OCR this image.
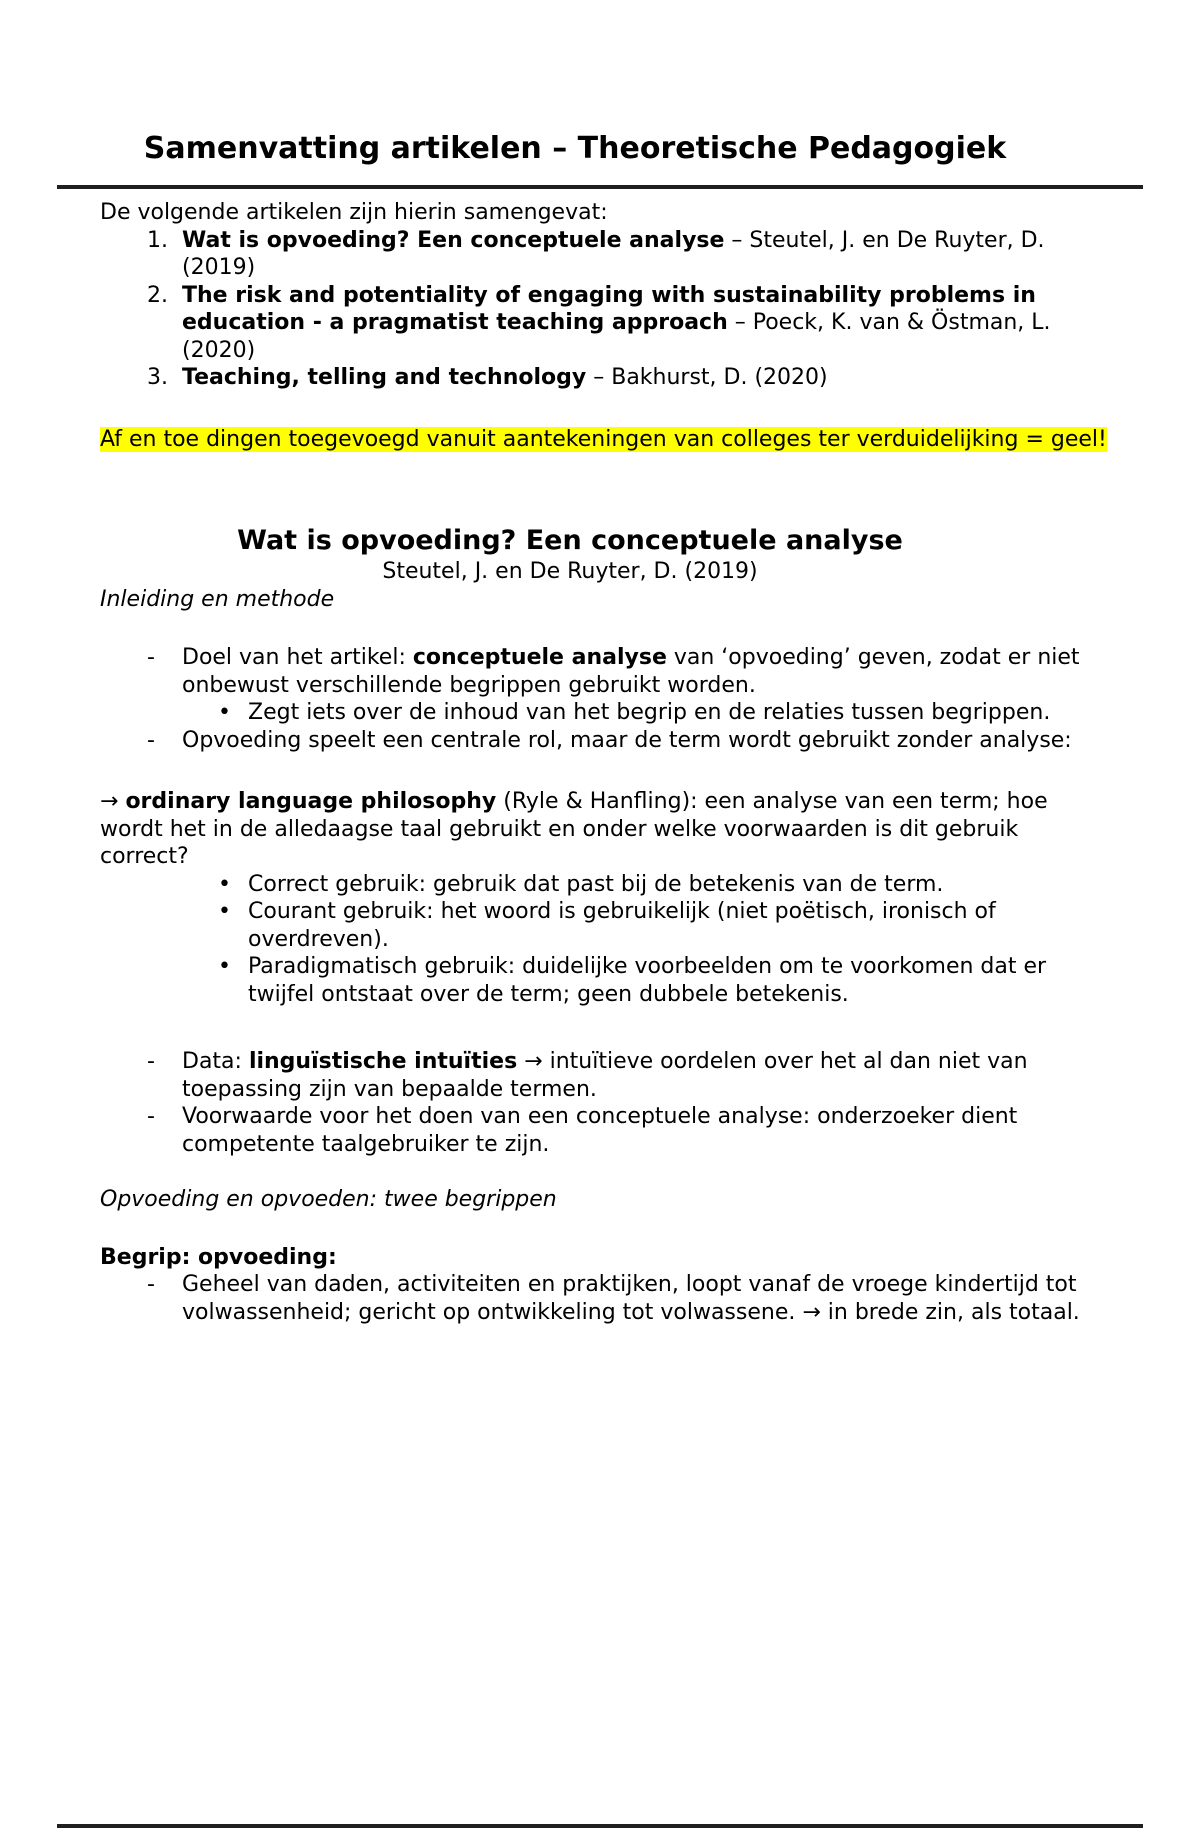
Samenvatting artikelen – Theoretische Pedagogiek

De volgende artikelen zijn hierin samengevat:

1. Wat is opvoeding? Een conceptuele analyse – Steutel, J. en De Ruyter, D. (2019)
2. The risk and potentiality of engaging with sustainability problems in education - a pragmatist teaching approach – Poeck, K. van & Östman, L. (2020)
3. Teaching, telling and technology – Bakhurst, D. (2020)

Af en toe dingen toegevoegd vanuit aantekeningen van colleges ter verduidelijking = geel!

Wat is opvoeding? Een conceptuele analyse
Steutel, J. en De Ruyter, D. (2019)
Inleiding en methode
-	Doel van het artikel: conceptuele analyse van ‘opvoeding’ geven, zodat er niet onbewust verschillende begrippen gebruikt worden.
• Zegt iets over de inhoud van het begrip en de relaties tussen begrippen.
-	Opvoeding speelt een centrale rol, maar de term wordt gebruikt zonder analyse:

→ ordinary language philosophy (Ryle & Hanfling): een analyse van een term; hoe wordt het in de alledaagse taal gebruikt en onder welke voorwaarden is dit gebruik correct?

• Correct gebruik: gebruik dat past bij de betekenis van de term.
• Courant gebruik: het woord is gebruikelijk (niet poëtisch, ironisch of overdreven).
• Paradigmatisch gebruik: duidelijke voorbeelden om te voorkomen dat er twijfel ontstaat over de term; geen dubbele betekenis.
-	Data: linguïstische intuïties → intuïtieve oordelen over het al dan niet van toepassing zijn van bepaalde termen.
-	Voorwaarde voor het doen van een conceptuele analyse: onderzoeker dient competente taalgebruiker te zijn.
Opvoeding en opvoeden: twee begrippen
Begrip: opvoeding:
-	Geheel van daden, activiteiten en praktijken, loopt vanaf de vroege kindertijd tot volwassenheid; gericht op ontwikkeling tot volwassene. → in brede zin, als totaal.
